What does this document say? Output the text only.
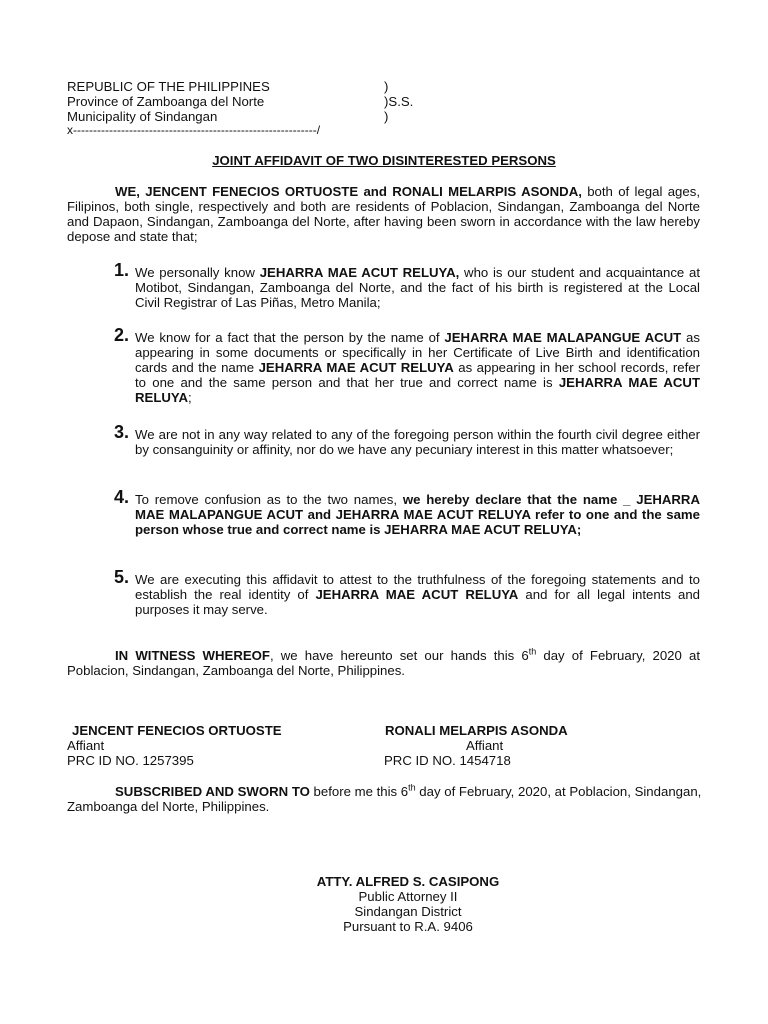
REPUBLIC OF THE PHILIPPINES	)
Province of Zamboanga del Norte	)S.S.
Municipality of Sindangan	)
x-------------------------------------------------------------/
JOINT AFFIDAVIT OF TWO DISINTERESTED PERSONS
WE, JENCENT FENECIOS ORTUOSTE and RONALI MELARPIS ASONDA, both of legal ages, Filipinos, both single, respectively and both are residents of Poblacion, Sindangan, Zamboanga del Norte and Dapaon, Sindangan, Zamboanga del Norte, after having been sworn in accordance with the law hereby depose and state that;
1. We personally know JEHARRA MAE ACUT RELUYA, who is our student and acquaintance at Motibot, Sindangan, Zamboanga del Norte, and the fact of his birth is registered at the Local Civil Registrar of Las Piñas, Metro Manila;
2. We know for a fact that the person by the name of JEHARRA MAE MALAPANGUE ACUT as appearing in some documents or specifically in her Certificate of Live Birth and identification cards and the name JEHARRA MAE ACUT RELUYA as appearing in her school records, refer to one and the same person and that her true and correct name is JEHARRA MAE ACUT RELUYA;
3. We are not in any way related to any of the foregoing person within the fourth civil degree either by consanguinity or affinity, nor do we have any pecuniary interest in this matter whatsoever;
4. To remove confusion as to the two names, we hereby declare that the name _ JEHARRA MAE MALAPANGUE ACUT and JEHARRA MAE ACUT RELUYA refer to one and the same person whose true and correct name is JEHARRA MAE ACUT RELUYA;
5. We are executing this affidavit to attest to the truthfulness of the foregoing statements and to establish the real identity of JEHARRA MAE ACUT RELUYA and for all legal intents and purposes it may serve.
IN WITNESS WHEREOF, we have hereunto set our hands this 6th day of February, 2020 at Poblacion, Sindangan, Zamboanga del Norte, Philippines.
JENCENT FENECIOS ORTUOSTE
Affiant
PRC ID NO. 1257395
RONALI MELARPIS ASONDA
Affiant
PRC ID NO. 1454718
SUBSCRIBED AND SWORN TO before me this 6th day of February, 2020, at Poblacion, Sindangan, Zamboanga del Norte, Philippines.
ATTY. ALFRED S. CASIPONG
Public Attorney II
Sindangan District
Pursuant to R.A. 9406
